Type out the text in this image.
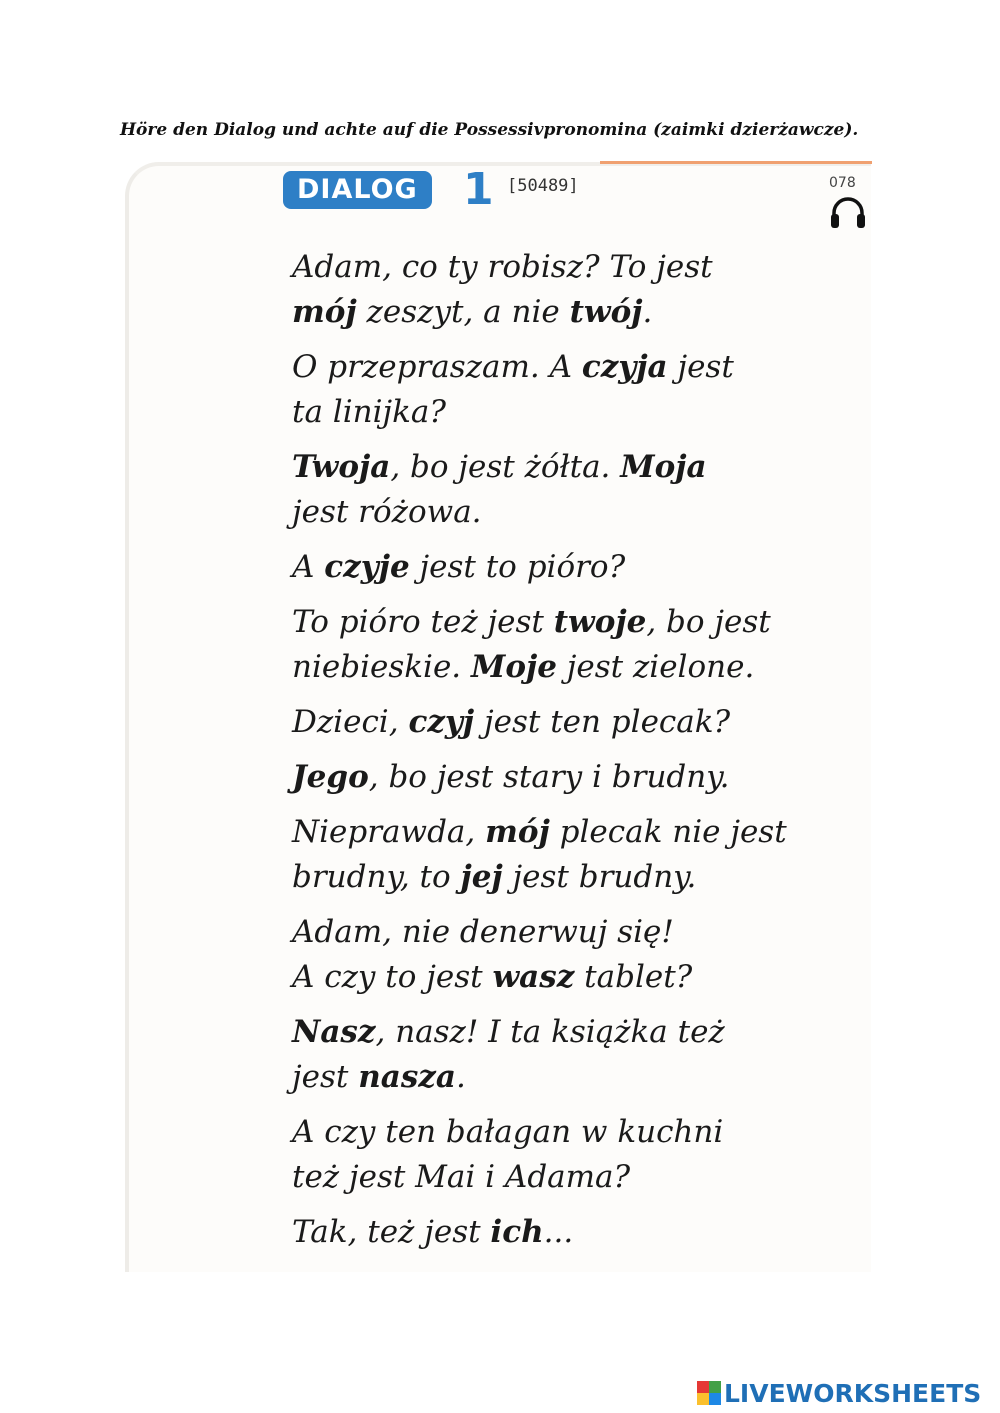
Höre den Dialog und achte auf die Possessivpronomina (zaimki dzierżawcze).
DIALOG	1 [50489]	078
Adam, co ty robisz? To jest
mój zeszyt, a nie twój.
O przepraszam. A czyja jest
ta linijka?
Twoja, bo jest żółta. Moja
jest różowa.
A czyje jest to pióro?
To pióro też jest twoje, bo jest
niebieskie. Moje jest zielone.
Dzieci, czyj jest ten plecak?
Jego, bo jest stary i brudny.
Nieprawda, mój plecak nie jest
brudny, to jej jest brudny.
Adam, nie denerwuj się!
A czy to jest wasz tablet?
Nasz, nasz! I ta książka też
jest nasza.
A czy ten bałagan w kuchni
też jest Mai i Adama?
Tak, też jest ich...
LIVEWORKSHEETS
